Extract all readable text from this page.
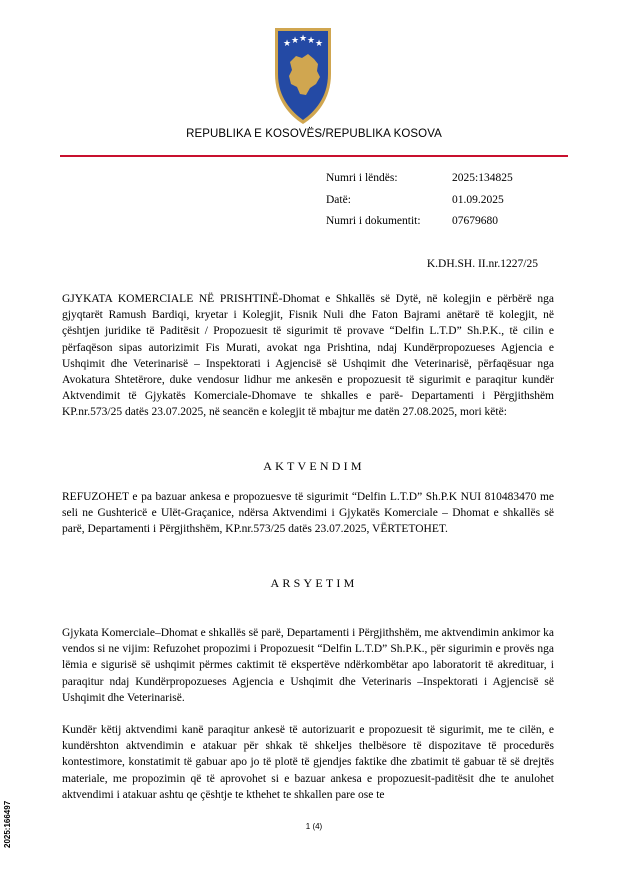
★ ★ ★ ★ ★
REPUBLIKA E KOSOVËS/REPUBLIKA KOSOVA
Numri i lëndës:	2025:134825
Datë:	01.09.2025
Numri i dokumentit:	07679680
K.DH.SH. II.nr.1227/25

GJYKATA KOMERCIALE NË PRISHTINË-Dhomat e Shkallës së Dytë, në kolegjin e përbërë nga gjyqtarët Ramush Bardiqi, kryetar i Kolegjit, Fisnik Nuli dhe Faton Bajrami anëtarë të kolegjit, në çështjen juridike të Paditësit / Propozuesit të sigurimit të provave “Delfin L.T.D” Sh.P.K., të cilin e përfaqëson sipas autorizimit Fis Murati, avokat nga Prishtina, ndaj Kundërpropozueses Agjencia e Ushqimit dhe Veterinarisë – Inspektorati i Agjencisë së Ushqimit dhe Veterinarisë, përfaqësuar nga Avokatura Shtetërore, duke vendosur lidhur me ankesën e propozuesit të sigurimit e paraqitur kundër Aktvendimit të Gjykatës Komerciale-Dhomave te shkalles e parë- Departamenti i Përgjithshëm KP.nr.573/25 datës 23.07.2025, në seancën e kolegjit të mbajtur me datën 27.08.2025, mori këtë:

AKTVENDIM

REFUZOHET e pa bazuar ankesa e propozuesve të sigurimit “Delfin L.T.D” Sh.P.K NUI 810483470 me seli ne Gushtericë e Ulët-Graçanice, ndërsa Aktvendimi i Gjykatës Komerciale – Dhomat e shkallës së parë, Departamenti i Përgjithshëm, KP.nr.573/25 datës 23.07.2025, VËRTETOHET.

ARSYETIM

Gjykata Komerciale–Dhomat e shkallës së parë, Departamenti i Përgjithshëm, me aktvendimin ankimor ka vendos si ne vijim: Refuzohet propozimi i Propozuesit “Delfin L.T.D” Sh.P.K., për sigurimin e provës nga lëmia e sigurisë së ushqimit përmes caktimit të ekspertëve ndërkombëtar apo laboratorit të akredituar, i paraqitur ndaj Kundërpropozueses Agjencia e Ushqimit dhe Veterinaris –Inspektorati i Agjencisë së Ushqimit dhe Veterinarisë.

Kundër këtij aktvendimi kanë paraqitur ankesë të autorizuarit e propozuesit të sigurimit, me te cilën, e kundërshton aktvendimin e atakuar për shkak të shkeljes thelbësore të dispozitave të procedurës kontestimore, konstatimit të gabuar apo jo të plotë të gjendjes faktike dhe zbatimit të gabuar të së drejtës materiale, me propozimin që të aprovohet si e bazuar ankesa e propozuesit-paditësit dhe te anulohet aktvendimi i atakuar ashtu qe çështje te kthehet te shkallen pare ose te

1 (4)
2025:166497
